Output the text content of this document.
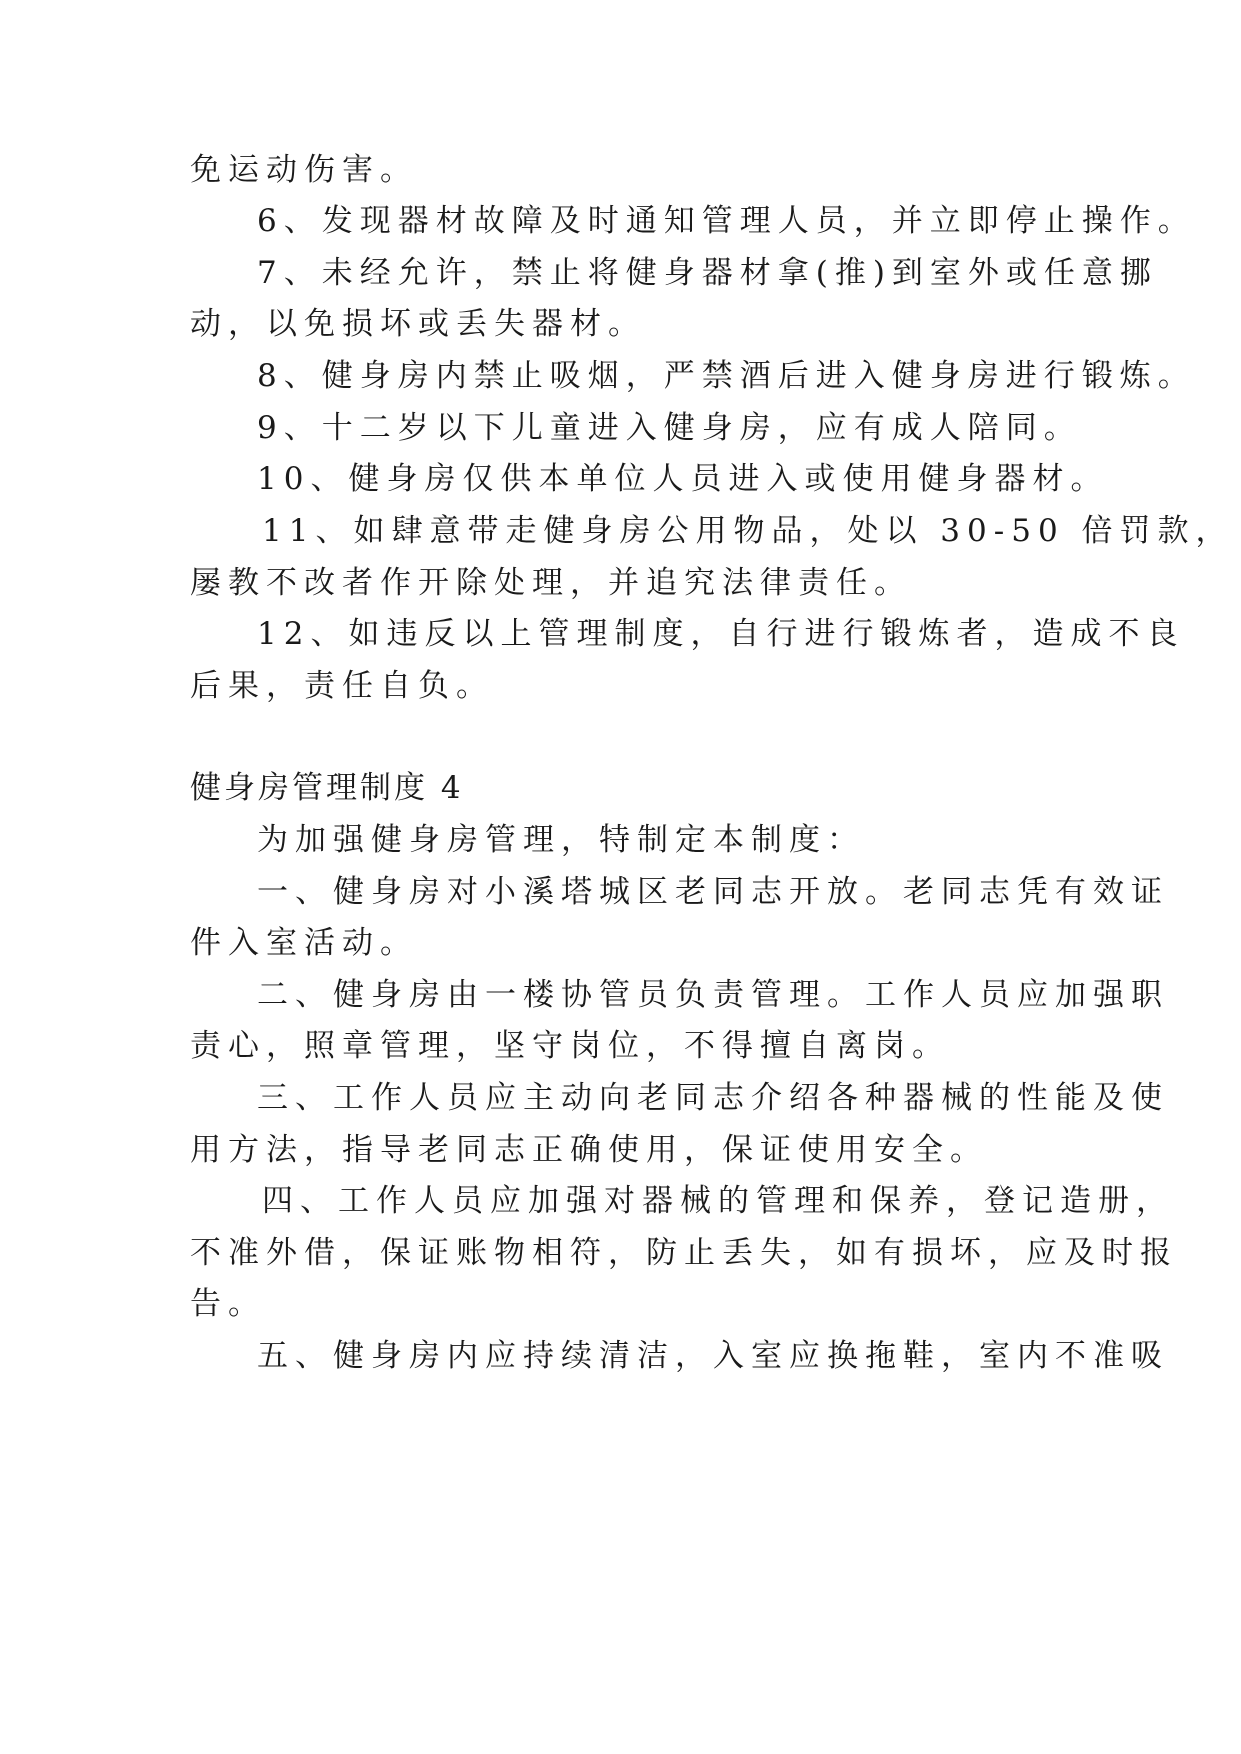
免运动伤害。
6、发现器材故障及时通知管理人员，并立即停止操作。
7、未经允许，禁止将健身器材拿(推)到室外或任意挪
动，以免损坏或丢失器材。
8、健身房内禁止吸烟，严禁酒后进入健身房进行锻炼。
9、十二岁以下儿童进入健身房，应有成人陪同。
10、健身房仅供本单位人员进入或使用健身器材。
11、如肆意带走健身房公用物品，处以 30-50 倍罚款，
屡教不改者作开除处理，并追究法律责任。
12、如违反以上管理制度，自行进行锻炼者，造成不良
后果，责任自负。
健身房管理制度 4
为加强健身房管理，特制定本制度：
一、健身房对小溪塔城区老同志开放。老同志凭有效证
件入室活动。
二、健身房由一楼协管员负责管理。工作人员应加强职
责心，照章管理，坚守岗位，不得擅自离岗。
三、工作人员应主动向老同志介绍各种器械的性能及使
用方法，指导老同志正确使用，保证使用安全。
四、工作人员应加强对器械的管理和保养，登记造册，
不准外借，保证账物相符，防止丢失，如有损坏，应及时报
告。
五、健身房内应持续清洁，入室应换拖鞋，室内不准吸
